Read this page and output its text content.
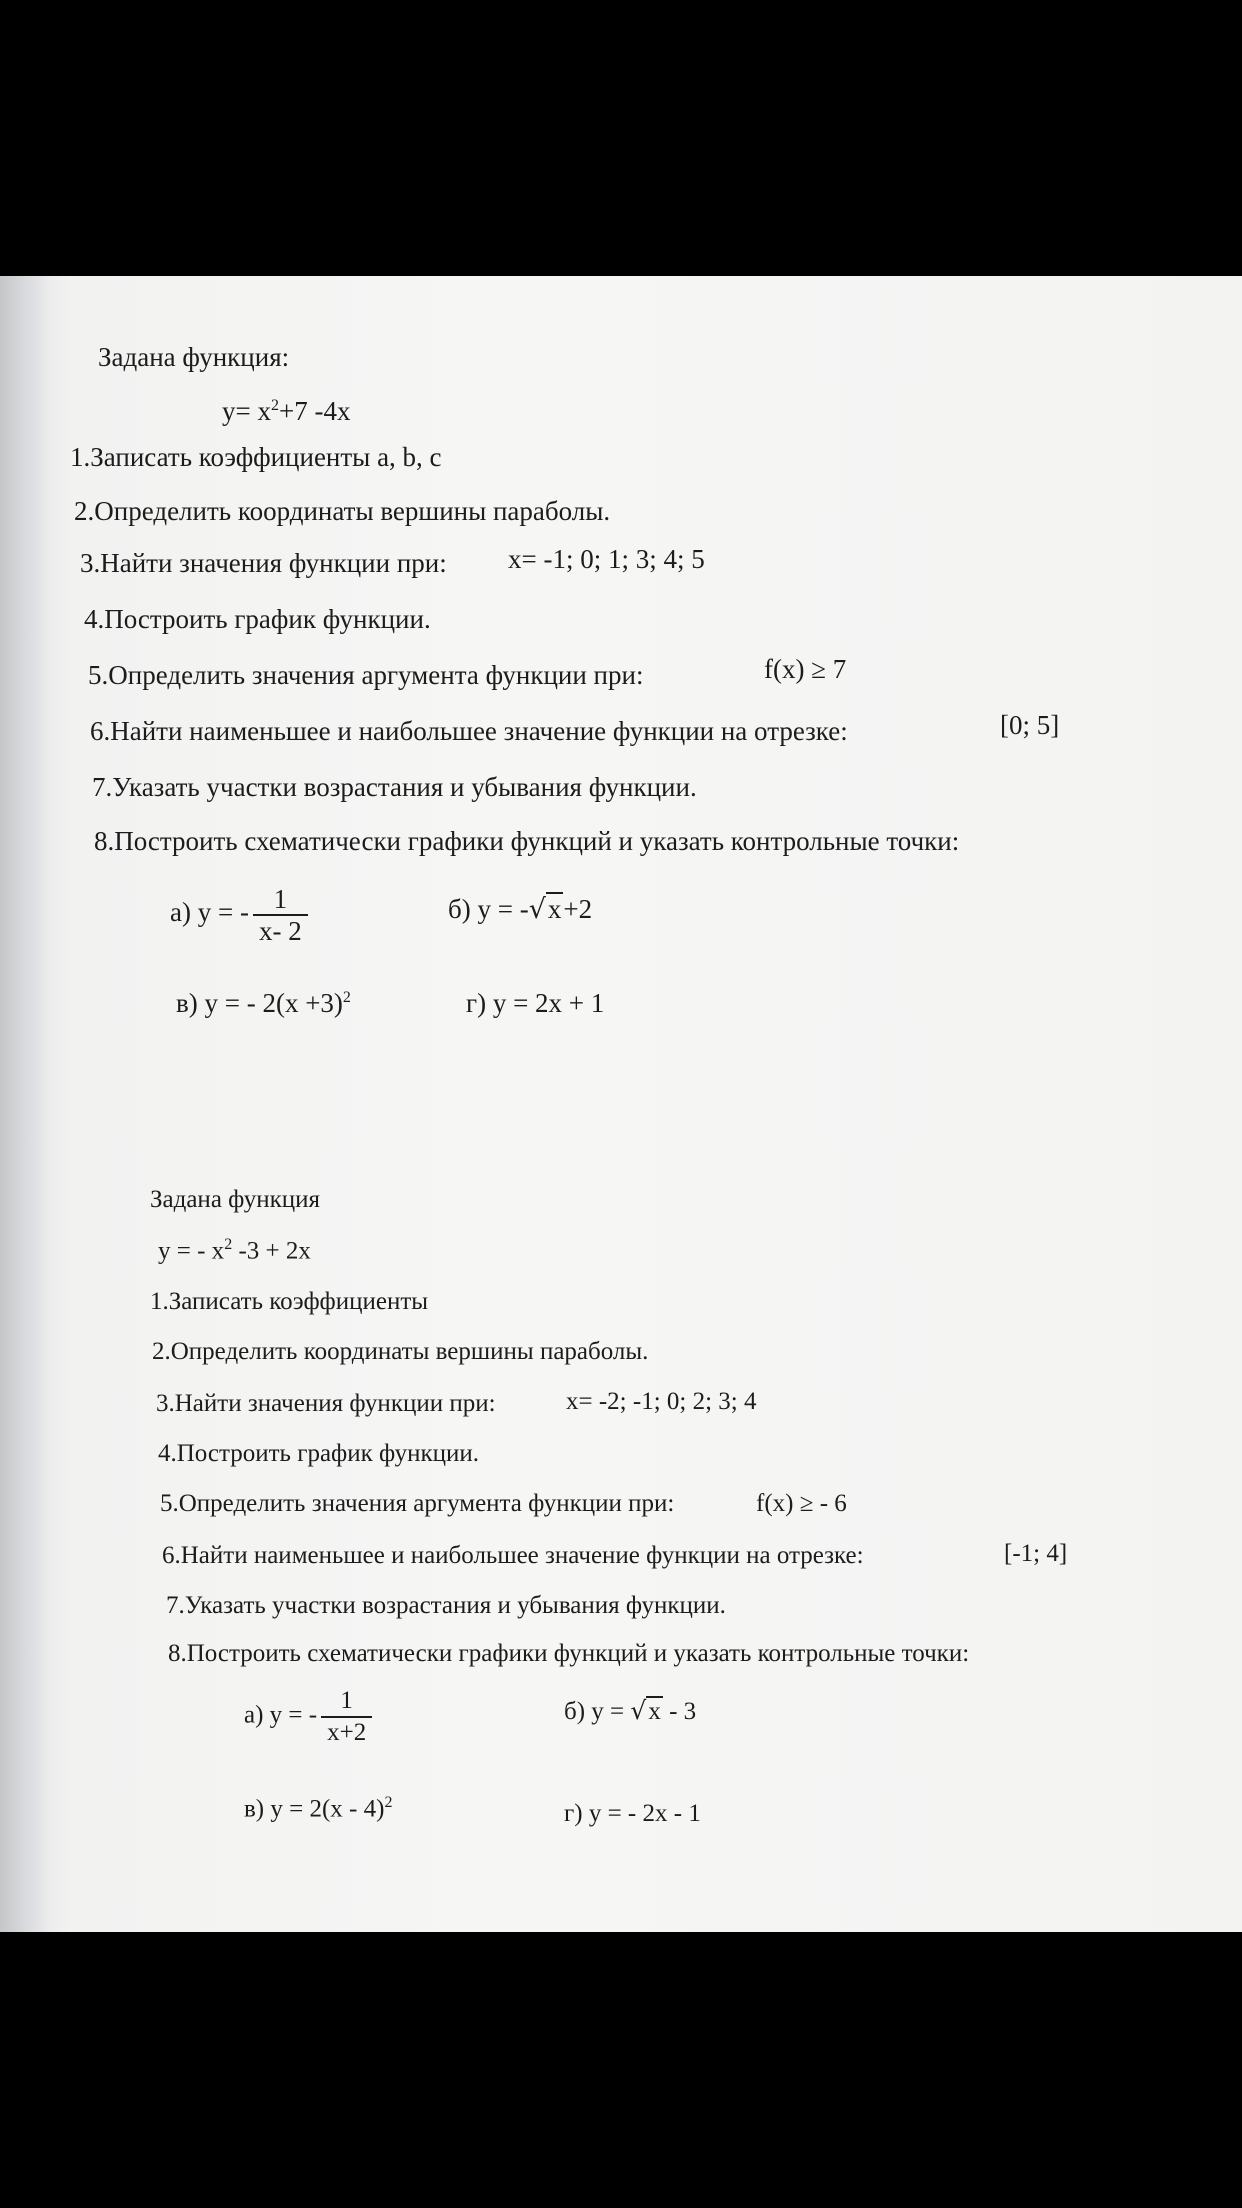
Задана функция:
$y= x^2+7$ -4x
1.Записать коэффициенты a, b, c
2.Определить координаты вершины параболы.
3.Найти значения функции при: x= -1; 0; 1; 3; 4; 5
4.Построить график функции.
5.Определить значения аргумента функции при:	f(x) ≥ 7
6.Найти наименьшее и наибольшее значение функции на отрезке:	[0; 5]
7.Указать участки возрастания и убывания функции.
8.Построить схематически графики функций и указать контрольные точки:
а) y = - $\frac{1}{x- 2}$	б) y = -√x+2
в) y = - $2(x +3)^2$	г) y = 2x + 1
Задана функция
y = - $x^2$ -3 + 2x
1.Записать коэффициенты
2.Определить координаты вершины параболы.
3.Найти значения функции при:	x= -2; -1; 0; 2; 3; 4
4.Построить график функции.
5.Определить значения аргумента функции при:	f(x) ≥ - 6
6.Найти наименьшее и наибольшее значение функции на отрезке:	[-1; 4]
7.Указать участки возрастания и убывания функции.
8.Построить схематически графики функций и указать контрольные точки:
а) y = - $\frac{1}{x+2}$	б) y = √x - 3
в) y = 2(x - 4)$^2$	г) y = - 2x - 1
